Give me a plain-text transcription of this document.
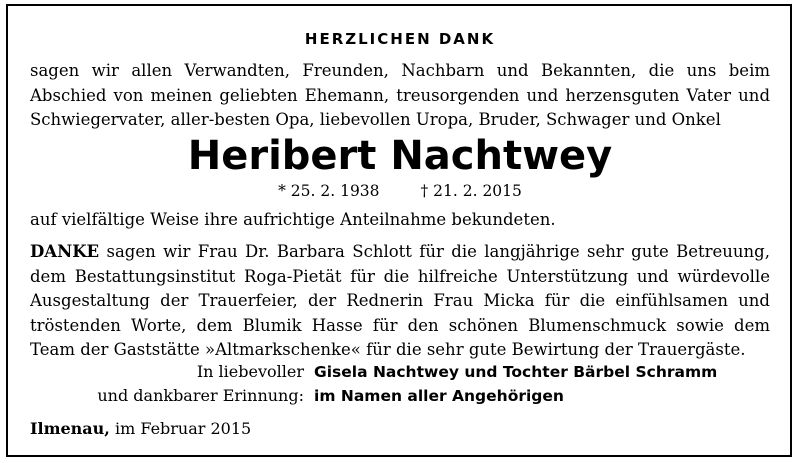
HERZLICHEN DANK

sagen wir allen Verwandten, Freunden, Nachbarn und Bekannten, die uns beim Abschied von meinen geliebten Ehemann, treusorgenden und herzensguten Vater und Schwiegervater, aller-besten Opa, liebevollen Uropa, Bruder, Schwager und Onkel

Heribert Nachtwey
* 25. 2. 1938	† 21. 2. 2015

auf vielfältige Weise ihre aufrichtige Anteilnahme bekundeten.

DANKE sagen wir Frau Dr. Barbara Schlott für die langjährige sehr gute Betreuung, dem Bestattungsinstitut Roga-Pietät für die hilfreiche Unterstützung und würdevolle Ausgestaltung der Trauerfeier, der Rednerin Frau Micka für die einfühlsamen und tröstenden Worte, dem Blumik Hasse für den schönen Blumenschmuck sowie dem Team der Gaststätte »Altmarkschenke« für die sehr gute Bewirtung der Trauergäste.

In liebevoller Gisela Nachtwey und Tochter Bärbel Schramm
und dankbarer Erinnung: im Namen aller Angehörigen
Ilmenau, im Februar 2015
